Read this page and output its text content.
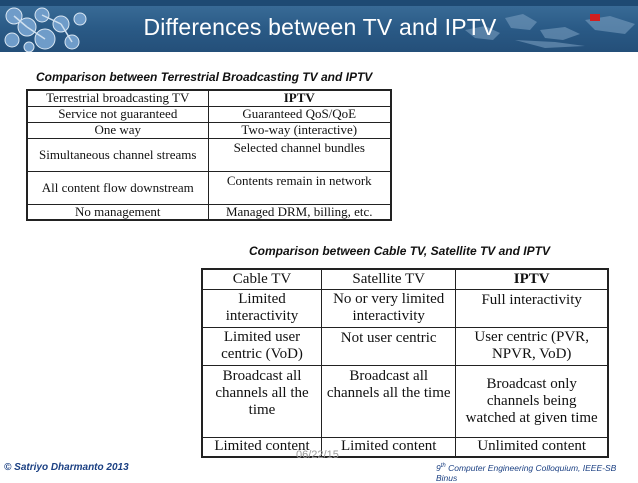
Differences between TV and IPTV
Comparison between Terrestrial Broadcasting TV and IPTV
Terrestrial broadcasting TV	IPTV
Service not guaranteed	Guaranteed QoS/QoE
One way	Two-way (interactive)
Simultaneous channel streams	Selected channel bundles
All content flow downstream	Contents remain in network
No management	Managed DRM, billing, etc.
Comparison between Cable TV, Satellite TV and IPTV
Cable TV	Satellite TV	IPTV
Limited interactivity	No or very limited interactivity	Full interactivity
Limited user centric (VoD)	Not user centric	User centric (PVR, NPVR, VoD)
Broadcast all channels all the time	Broadcast all channels all the time	Broadcast only channels being watched at given time
Limited content	Limited content	Unlimited content
06/22/15
© Satriyo Dharmanto 2013	9th Computer Engineering Colloquium, IEEE-SB Binus
